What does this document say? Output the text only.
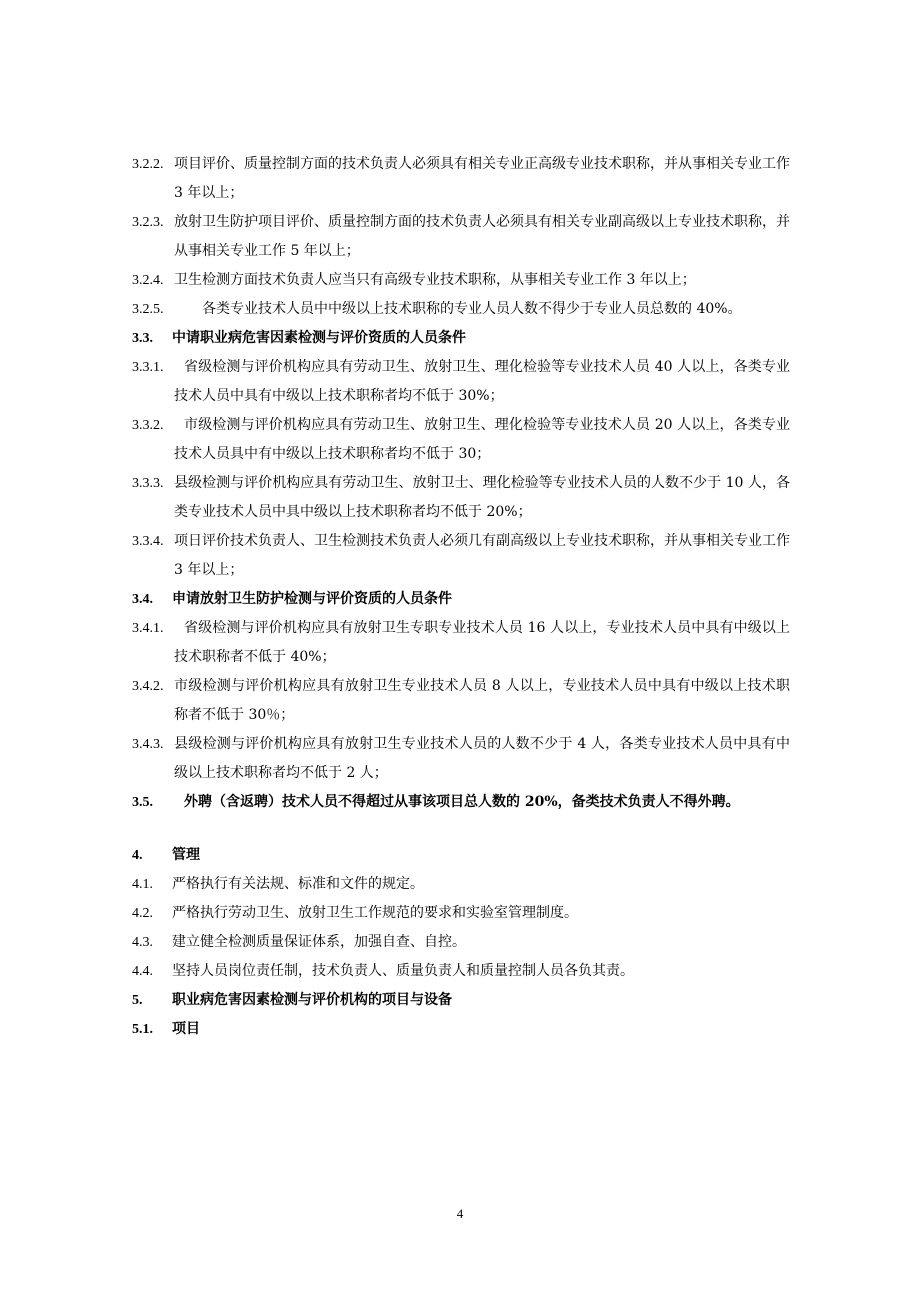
3.2.2. 项目评价、质量控制方面的技术负责人必须具有相关专业正高级专业技术职称，并从事相关专业工作 3 年以上；
3.2.3. 放射卫生防护项目评价、质量控制方面的技术负责人必须具有相关专业副高级以上专业技术职称，并从事相关专业工作 5 年以上；
3.2.4. 卫生检测方面技术负责人应当只有高级专业技术职称，从事相关专业工作 3 年以上；
3.2.5.	各类专业技术人员中中级以上技术职称的专业人员人数不得少于专业人员总数的 40%。
3.3. 中请职业病危害因素检测与评价资质的人员条件
3.3.1.	省级检测与评价机构应具有劳动卫生、放射卫生、理化检验等专业技术人员 40 人以上，各类专业技术人员中具有中级以上技术职称者均不低于 30%；
3.3.2.	市级检测与评价机构应具有劳动卫生、放射卫生、理化检验等专业技术人员 20 人以上，各类专业技术人员具中有中级以上技术职称者均不低于 30；
3.3.3. 县级检测与评价机构应具有劳动卫生、放射卫士、理化检验等专业技术人员的人数不少于 10 人，各类专业技术人员中具中级以上技术职称者均不低于 20%；
3.3.4. 项日评价技术负责人、卫生检测技术负责人必须几有副高级以上专业技术职称，并从事相关专业工作 3 年以上；
3.4. 申请放射卫生防护检测与评价资质的人员条件
3.4.1.	省级检测与评价机构应具有放射卫生专职专业技术人员 16 人以上，专业技术人员中具有中级以上技术职称者不低于 40%；
3.4.2. 市级检测与评价机构应具有放射卫生专业技术人员 8 人以上，专业技术人员中具有中级以上技术职称者不低于 30％；
3.4.3. 县级检测与评价机构应具有放射卫生专业技术人员的人数不少于 4 人，各类专业技术人员中具有中级以上技术职称者均不低于 2 人；
3.5.	外聘（含返聘）技术人员不得超过从事该项目总人数的 20%，备类技术负责人不得外聘。
4. 管理
4.1. 严格执行有关法规、标准和文件的规定。
4.2. 严格执行劳动卫生、放射卫生工作规范的要求和实验室管理制度。
4.3. 建立健全检测质量保证体系，加强自查、自控。
4.4. 坚持人员岗位责任制，技术负责人、质量负责人和质量控制人员各负其责。
5. 职业病危害因素检测与评价机构的项目与设备
5.1. 项目
4
